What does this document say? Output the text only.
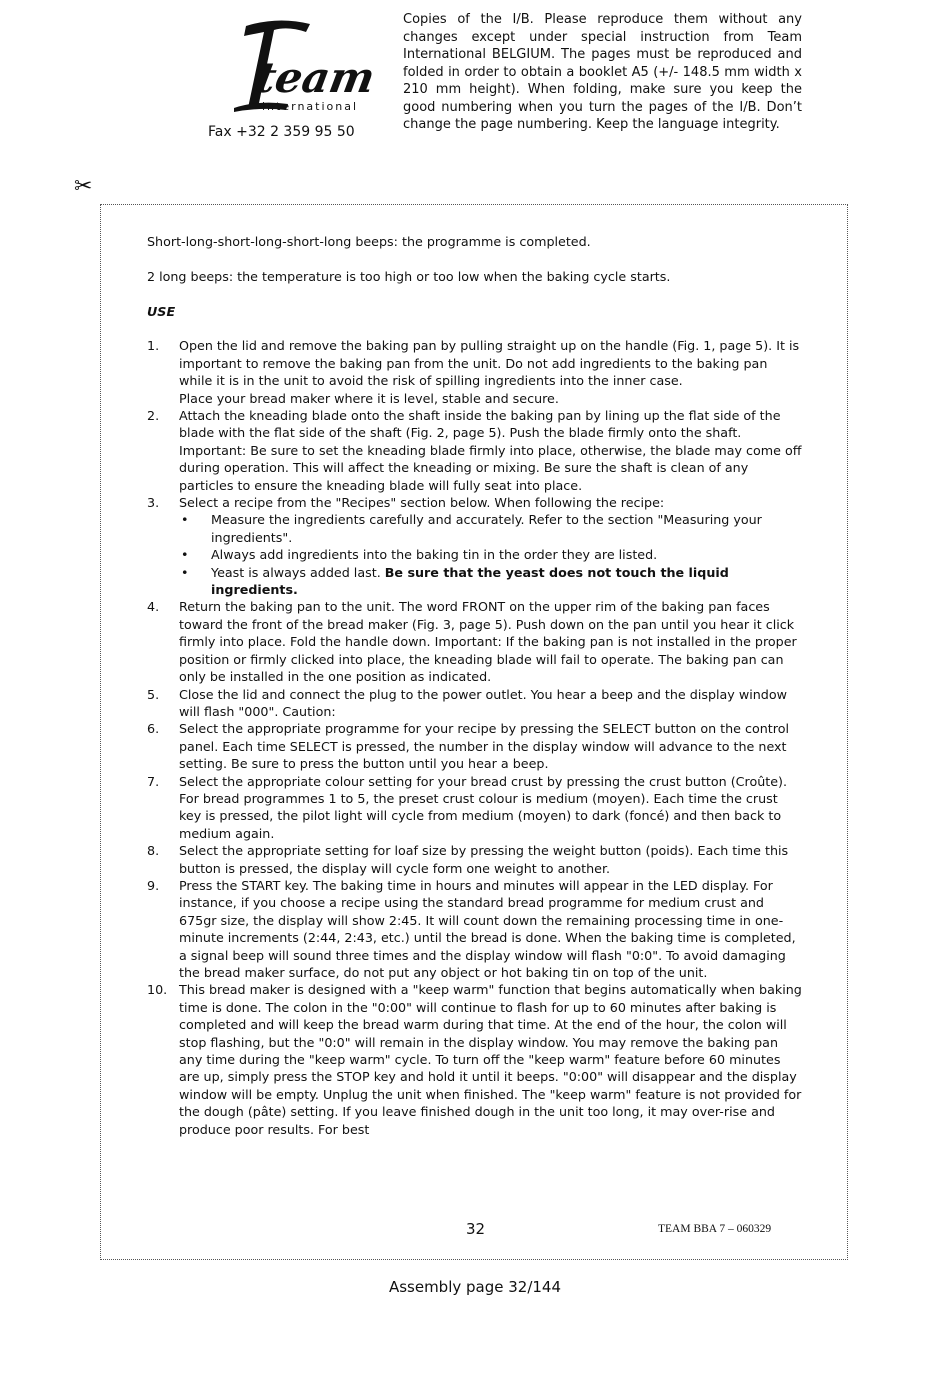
team
international
Fax +32 2 359 95 50
Copies of the I/B. Please reproduce them without any changes except under special instruction from Team International BELGIUM. The pages must be reproduced and folded in order to obtain a booklet A5 (+/- 148.5 mm width x 210 mm height). When folding, make sure you keep the good numbering when you turn the pages of the I/B. Don’t change the page numbering. Keep the language integrity.
✂

Short-long-short-long-short-long beeps: the programme is completed.

2 long beeps: the temperature is too high or too low when the baking cycle starts.

USE

1. Open the lid and remove the baking pan by pulling straight up on the handle (Fig. 1, page 5). It is important to remove the baking pan from the unit. Do not add ingredients to the baking pan while it is in the unit to avoid the risk of spilling ingredients into the inner case.
Place your bread maker where it is level, stable and secure.
2. Attach the kneading blade onto the shaft inside the baking pan by lining up the flat side of the blade with the flat side of the shaft (Fig. 2, page 5). Push the blade firmly onto the shaft. Important: Be sure to set the kneading blade firmly into place, otherwise, the blade may come off during operation. This will affect the kneading or mixing. Be sure the shaft is clean of any particles to ensure the kneading blade will fully seat into place.
3. Select a recipe from the "Recipes" section below. When following the recipe:
• Measure the ingredients carefully and accurately. Refer to the section "Measuring your ingredients".
• Always add ingredients into the baking tin in the order they are listed.
• Yeast is always added last. Be sure that the yeast does not touch the liquid ingredients.
4. Return the baking pan to the unit. The word FRONT on the upper rim of the baking pan faces toward the front of the bread maker (Fig. 3, page 5). Push down on the pan until you hear it click firmly into place. Fold the handle down. Important: If the baking pan is not installed in the proper position or firmly clicked into place, the kneading blade will fail to operate. The baking pan can only be installed in the one position as indicated.
5. Close the lid and connect the plug to the power outlet. You hear a beep and the display window will flash "000". Caution:
6. Select the appropriate programme for your recipe by pressing the SELECT button on the control panel. Each time SELECT is pressed, the number in the display window will advance to the next setting. Be sure to press the button until you hear a beep.
7. Select the appropriate colour setting for your bread crust by pressing the crust button (Croûte). For bread programmes 1 to 5, the preset crust colour is medium (moyen). Each time the crust key is pressed, the pilot light will cycle from medium (moyen) to dark (foncé) and then back to medium again.
8. Select the appropriate setting for loaf size by pressing the weight button (poids). Each time this button is pressed, the display will cycle form one weight to another.
9. Press the START key. The baking time in hours and minutes will appear in the LED display. For instance, if you choose a recipe using the standard bread programme for medium crust and 675gr size, the display will show 2:45. It will count down the remaining processing time in one-minute increments (2:44, 2:43, etc.) until the bread is done. When the baking time is completed, a signal beep will sound three times and the display window will flash "0:0". To avoid damaging the bread maker surface, do not put any object or hot baking tin on top of the unit.
10. This bread maker is designed with a "keep warm" function that begins automatically when baking time is done. The colon in the "0:00" will continue to flash for up to 60 minutes after baking is completed and will keep the bread warm during that time. At the end of the hour, the colon will stop flashing, but the "0:0" will remain in the display window. You may remove the baking pan any time during the "keep warm" cycle. To turn off the "keep warm" feature before 60 minutes are up, simply press the STOP key and hold it until it beeps. "0:00" will disappear and the display window will be empty. Unplug the unit when finished. The "keep warm" feature is not provided for the dough (pâte) setting. If you leave finished dough in the unit too long, it may over-rise and produce poor results. For best
32	TEAM BBA 7 – 060329
Assembly page 32/144
